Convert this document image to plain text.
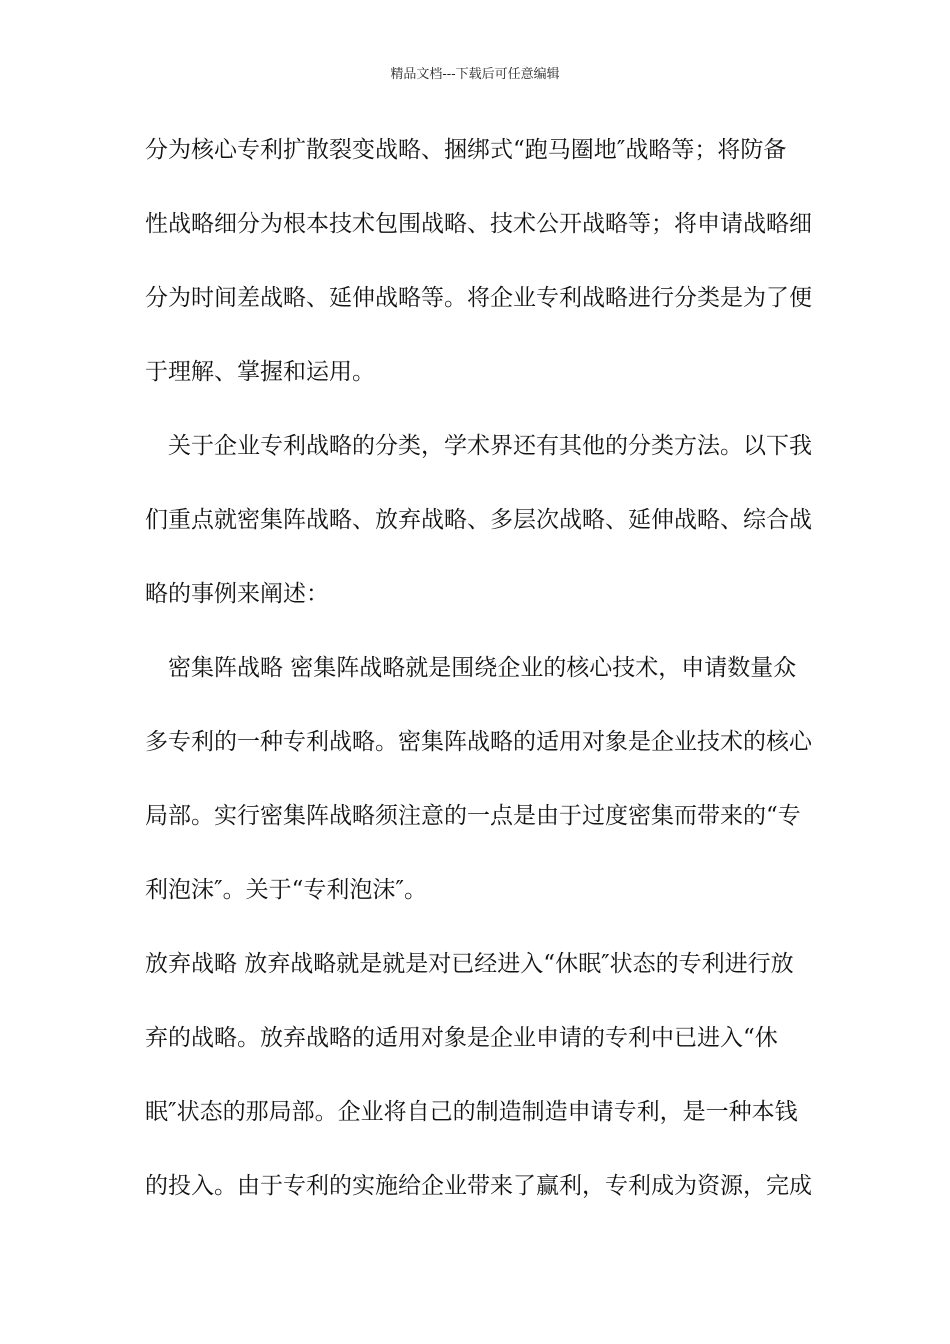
精品文档---下载后可任意编辑
分为核心专利扩散裂变战略、捆绑式“跑马圈地″战略等；将防备
性战略细分为根本技术包围战略、技术公开战略等；将申请战略细
分为时间差战略、延伸战略等。将企业专利战略进行分类是为了便
于理解、掌握和运用。
　关于企业专利战略的分类，学术界还有其他的分类方法。以下我
们重点就密集阵战略、放弃战略、多层次战略、延伸战略、综合战
略的事例来阐述：
　密集阵战略 密集阵战略就是围绕企业的核心技术，申请数量众
多专利的一种专利战略。密集阵战略的适用对象是企业技术的核心
局部。实行密集阵战略须注意的一点是由于过度密集而带来的“专
利泡沫″。关于“专利泡沫″。
放弃战略 放弃战略就是就是对已经进入“休眠″状态的专利进行放
弃的战略。放弃战略的适用对象是企业申请的专利中已进入“休
眠″状态的那局部。企业将自己的制造制造申请专利，是一种本钱
的投入。由于专利的实施给企业带来了赢利，专利成为资源，完成
